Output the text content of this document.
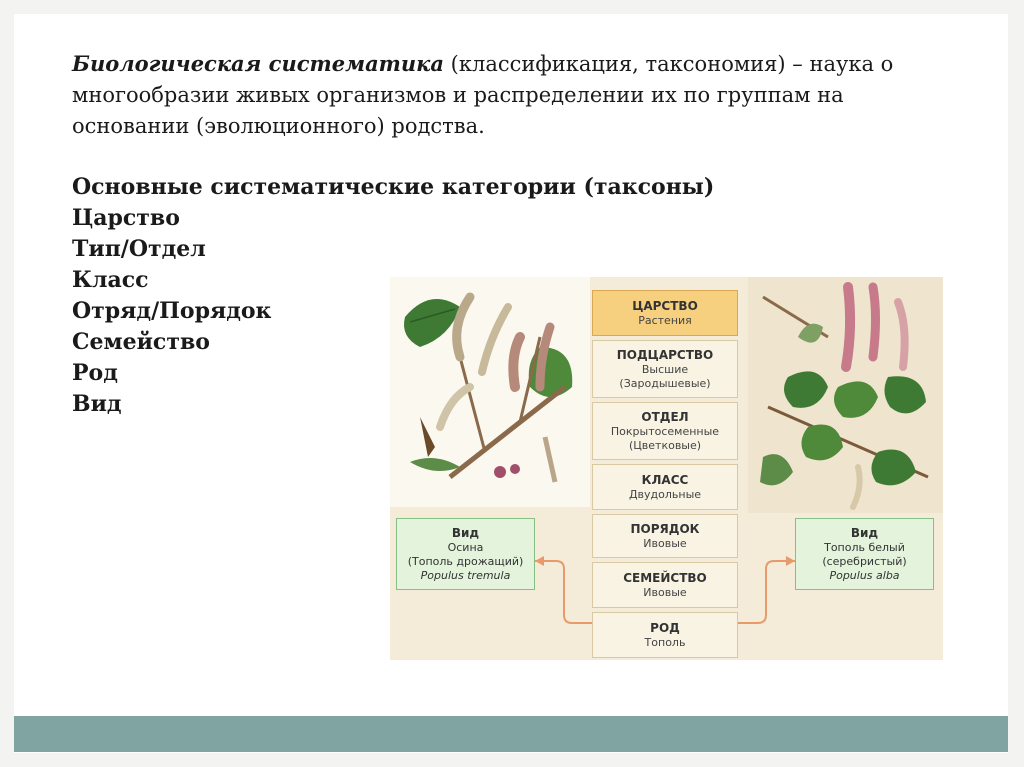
Биологическая систематика (классификация, таксономия) – наука о многообразии живых организмов и распределении их по группам на основании (эволюционного) родства.
Основные систематические категории (таксоны)
Царство
Тип/Отдел
Класс
Отряд/Порядок
Семейство
Род
Вид
ЦАРСТВО
Растения
ПОДЦАРСТВО
Высшие
(Зародышевые)
ОТДЕЛ
Покрытосеменные
(Цветковые)
КЛАСС
Двудольные
ПОРЯДОК
Ивовые
СЕМЕЙСТВО
Ивовые
РОД
Тополь
Вид
Осина
(Тополь дрожащий)
Populus tremula
Вид
Тополь белый
(серебристый)
Populus alba
